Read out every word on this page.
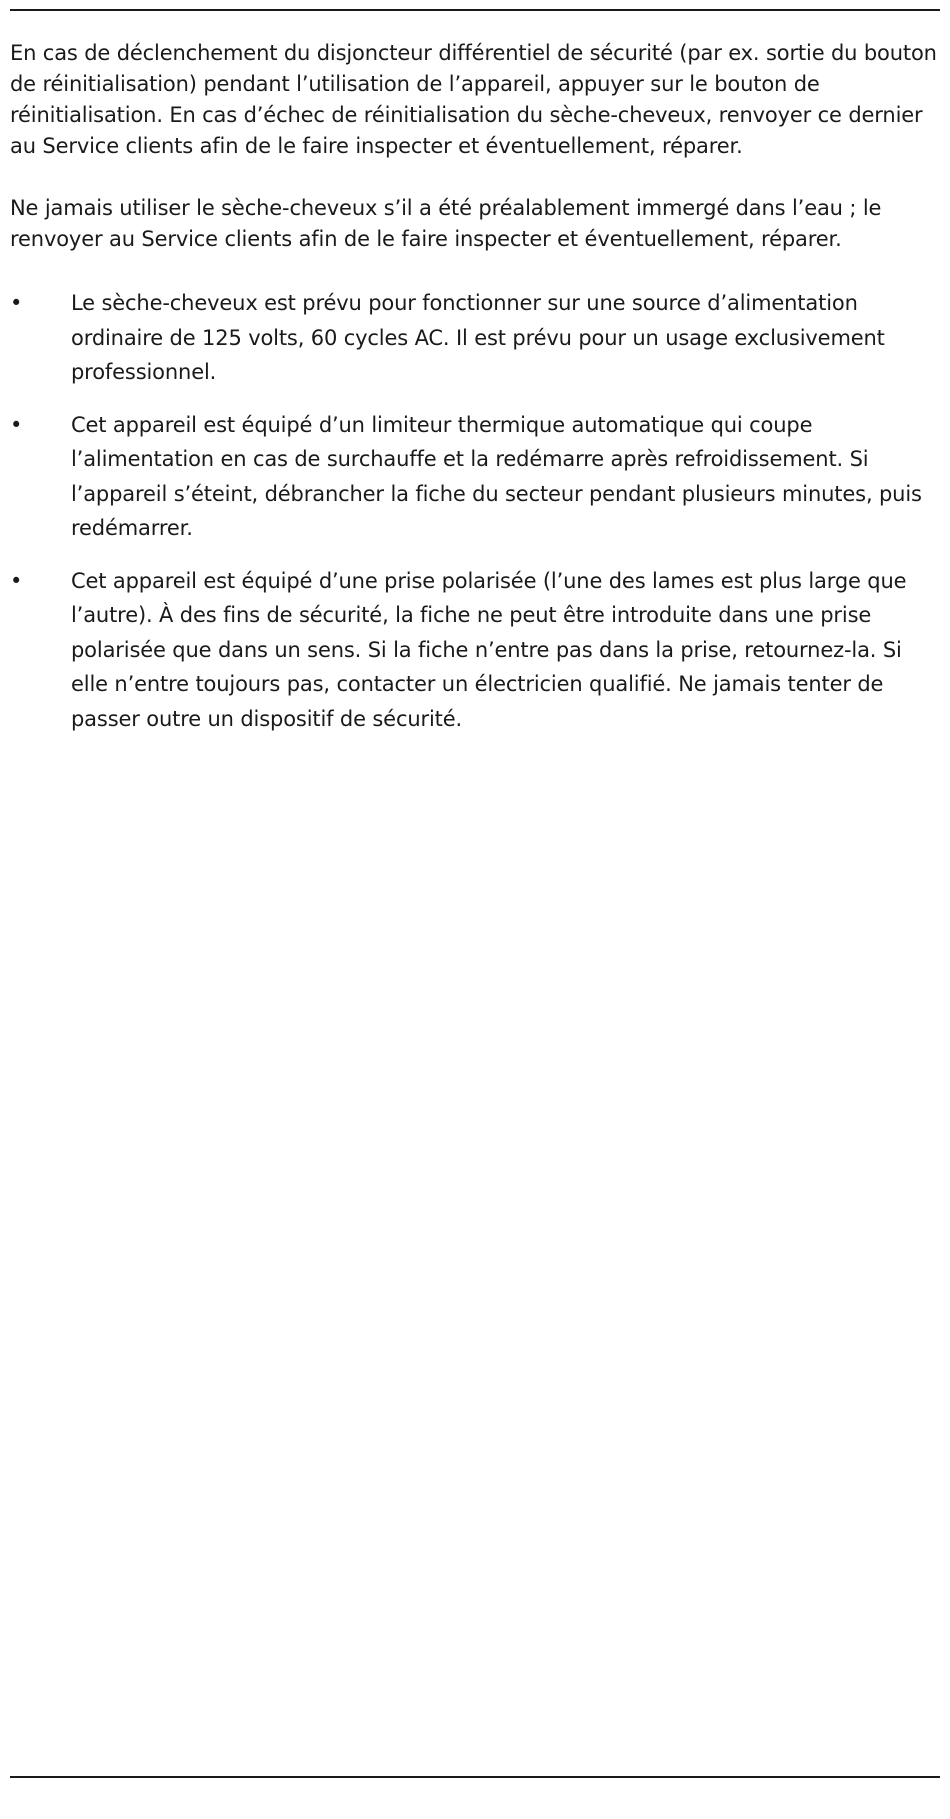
En cas de déclenchement du disjoncteur différentiel de sécurité (par ex. sortie du bouton de réinitialisation) pendant l’utilisation de l’appareil, appuyer sur le bouton de réinitialisation. En cas d’échec de réinitialisation du sèche-cheveux, renvoyer ce dernier au Service clients afin de le faire inspecter et éventuellement, réparer.

Ne jamais utiliser le sèche-cheveux s’il a été préalablement immergé dans l’eau ; le renvoyer au Service clients afin de le faire inspecter et éventuellement, réparer.

•	Le sèche-cheveux est prévu pour fonctionner sur une source d’alimentation ordinaire de 125 volts, 60 cycles AC. Il est prévu pour un usage exclusivement professionnel.
•	Cet appareil est équipé d’un limiteur thermique automatique qui coupe l’alimentation en cas de surchauffe et la redémarre après refroidissement. Si l’appareil s’éteint, débrancher la fiche du secteur pendant plusieurs minutes, puis redémarrer.
•	Cet appareil est équipé d’une prise polarisée (l’une des lames est plus large que l’autre). À des fins de sécurité, la fiche ne peut être introduite dans une prise polarisée que dans un sens. Si la fiche n’entre pas dans la prise, retournez-la. Si elle n’entre toujours pas, contacter un électricien qualifié. Ne jamais tenter de passer outre un dispositif de sécurité.
